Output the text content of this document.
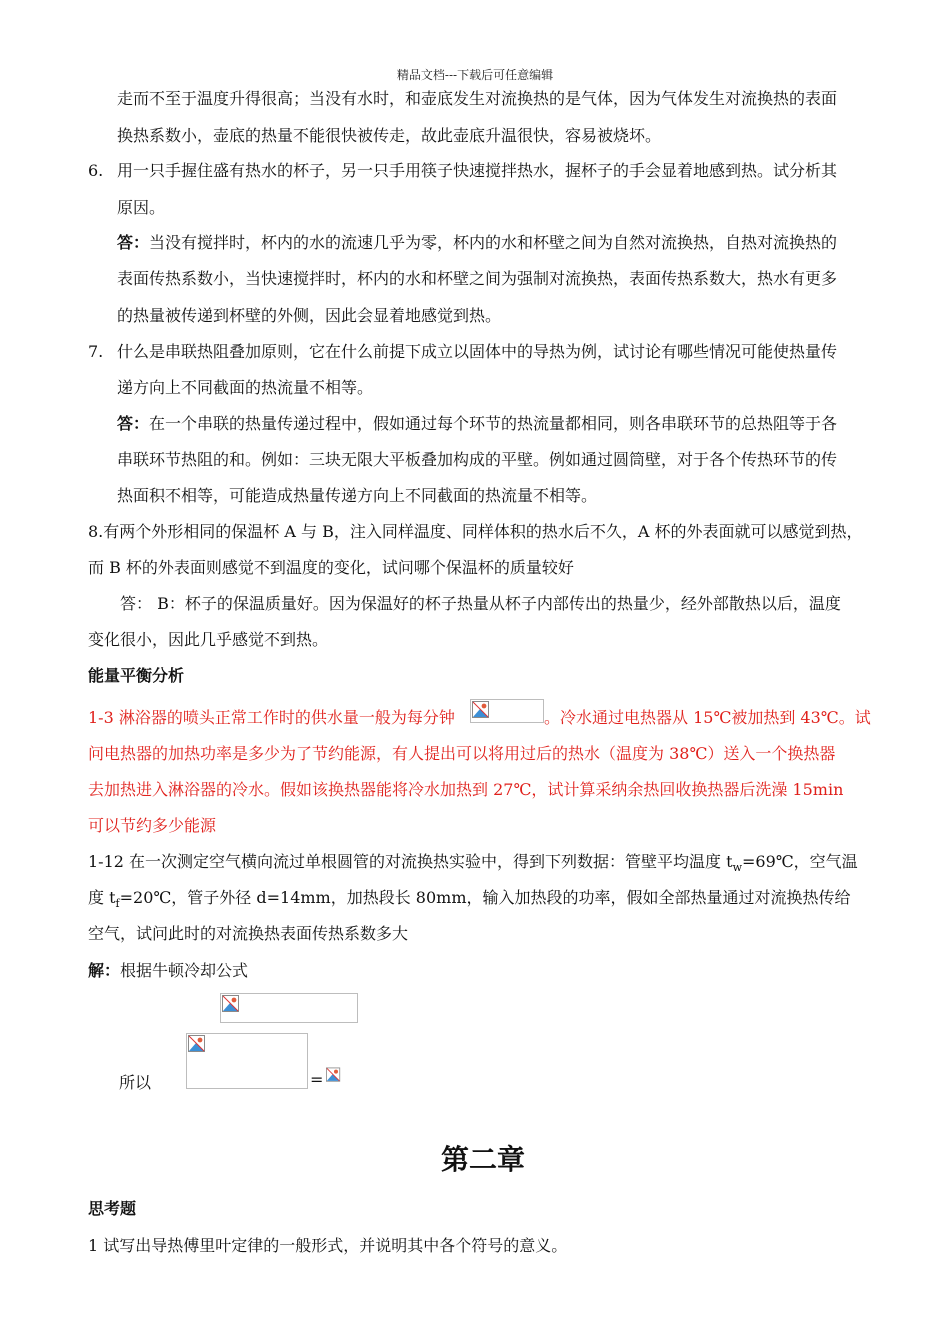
精品文档---下载后可任意编辑
走而不至于温度升得很高；当没有水时，和壶底发生对流换热的是气体，因为气体发生对流换热的表面
换热系数小，壶底的热量不能很快被传走，故此壶底升温很快，容易被烧坏。
6. 用一只手握住盛有热水的杯子，另一只手用筷子快速搅拌热水，握杯子的手会显着地感到热。试分析其
原因。
答：当没有搅拌时，杯内的水的流速几乎为零，杯内的水和杯壁之间为自然对流换热，自热对流换热的
表面传热系数小，当快速搅拌时，杯内的水和杯壁之间为强制对流换热，表面传热系数大，热水有更多
的热量被传递到杯壁的外侧，因此会显着地感觉到热。
7. 什么是串联热阻叠加原则，它在什么前提下成立以固体中的导热为例，试讨论有哪些情况可能使热量传
递方向上不同截面的热流量不相等。
答：在一个串联的热量传递过程中，假如通过每个环节的热流量都相同，则各串联环节的总热阻等于各
串联环节热阻的和。例如：三块无限大平板叠加构成的平壁。例如通过圆筒壁，对于各个传热环节的传
热面积不相等，可能造成热量传递方向上不同截面的热流量不相等。
8.有两个外形相同的保温杯 A 与 B，注入同样温度、同样体积的热水后不久，A 杯的外表面就可以感觉到热，
而 B 杯的外表面则感觉不到温度的变化，试问哪个保温杯的质量较好
答： B：杯子的保温质量好。因为保温好的杯子热量从杯子内部传出的热量少，经外部散热以后，温度
变化很小，因此几乎感觉不到热。
能量平衡分析
1-3 淋浴器的喷头正常工作时的供水量一般为每分钟	。冷水通过电热器从 15℃被加热到 43℃。试
问电热器的加热功率是多少为了节约能源，有人提出可以将用过后的热水（温度为 38℃）送入一个换热器
去加热进入淋浴器的冷水。假如该换热器能将冷水加热到 27℃，试计算采纳余热回收换热器后洗澡 15min
可以节约多少能源
1-12 在一次测定空气横向流过单根圆管的对流换热实验中，得到下列数据：管壁平均温度 $t_w=69℃$，空气温
度 $t_f=20℃$，管子外径 d=14mm，加热段长 80mm，输入加热段的功率，假如全部热量通过对流换热传给
空气，试问此时的对流换热表面传热系数多大
解：根据牛顿冷却公式
所以	=
第二章
思考题
1 试写出导热傅里叶定律的一般形式，并说明其中各个符号的意义。
